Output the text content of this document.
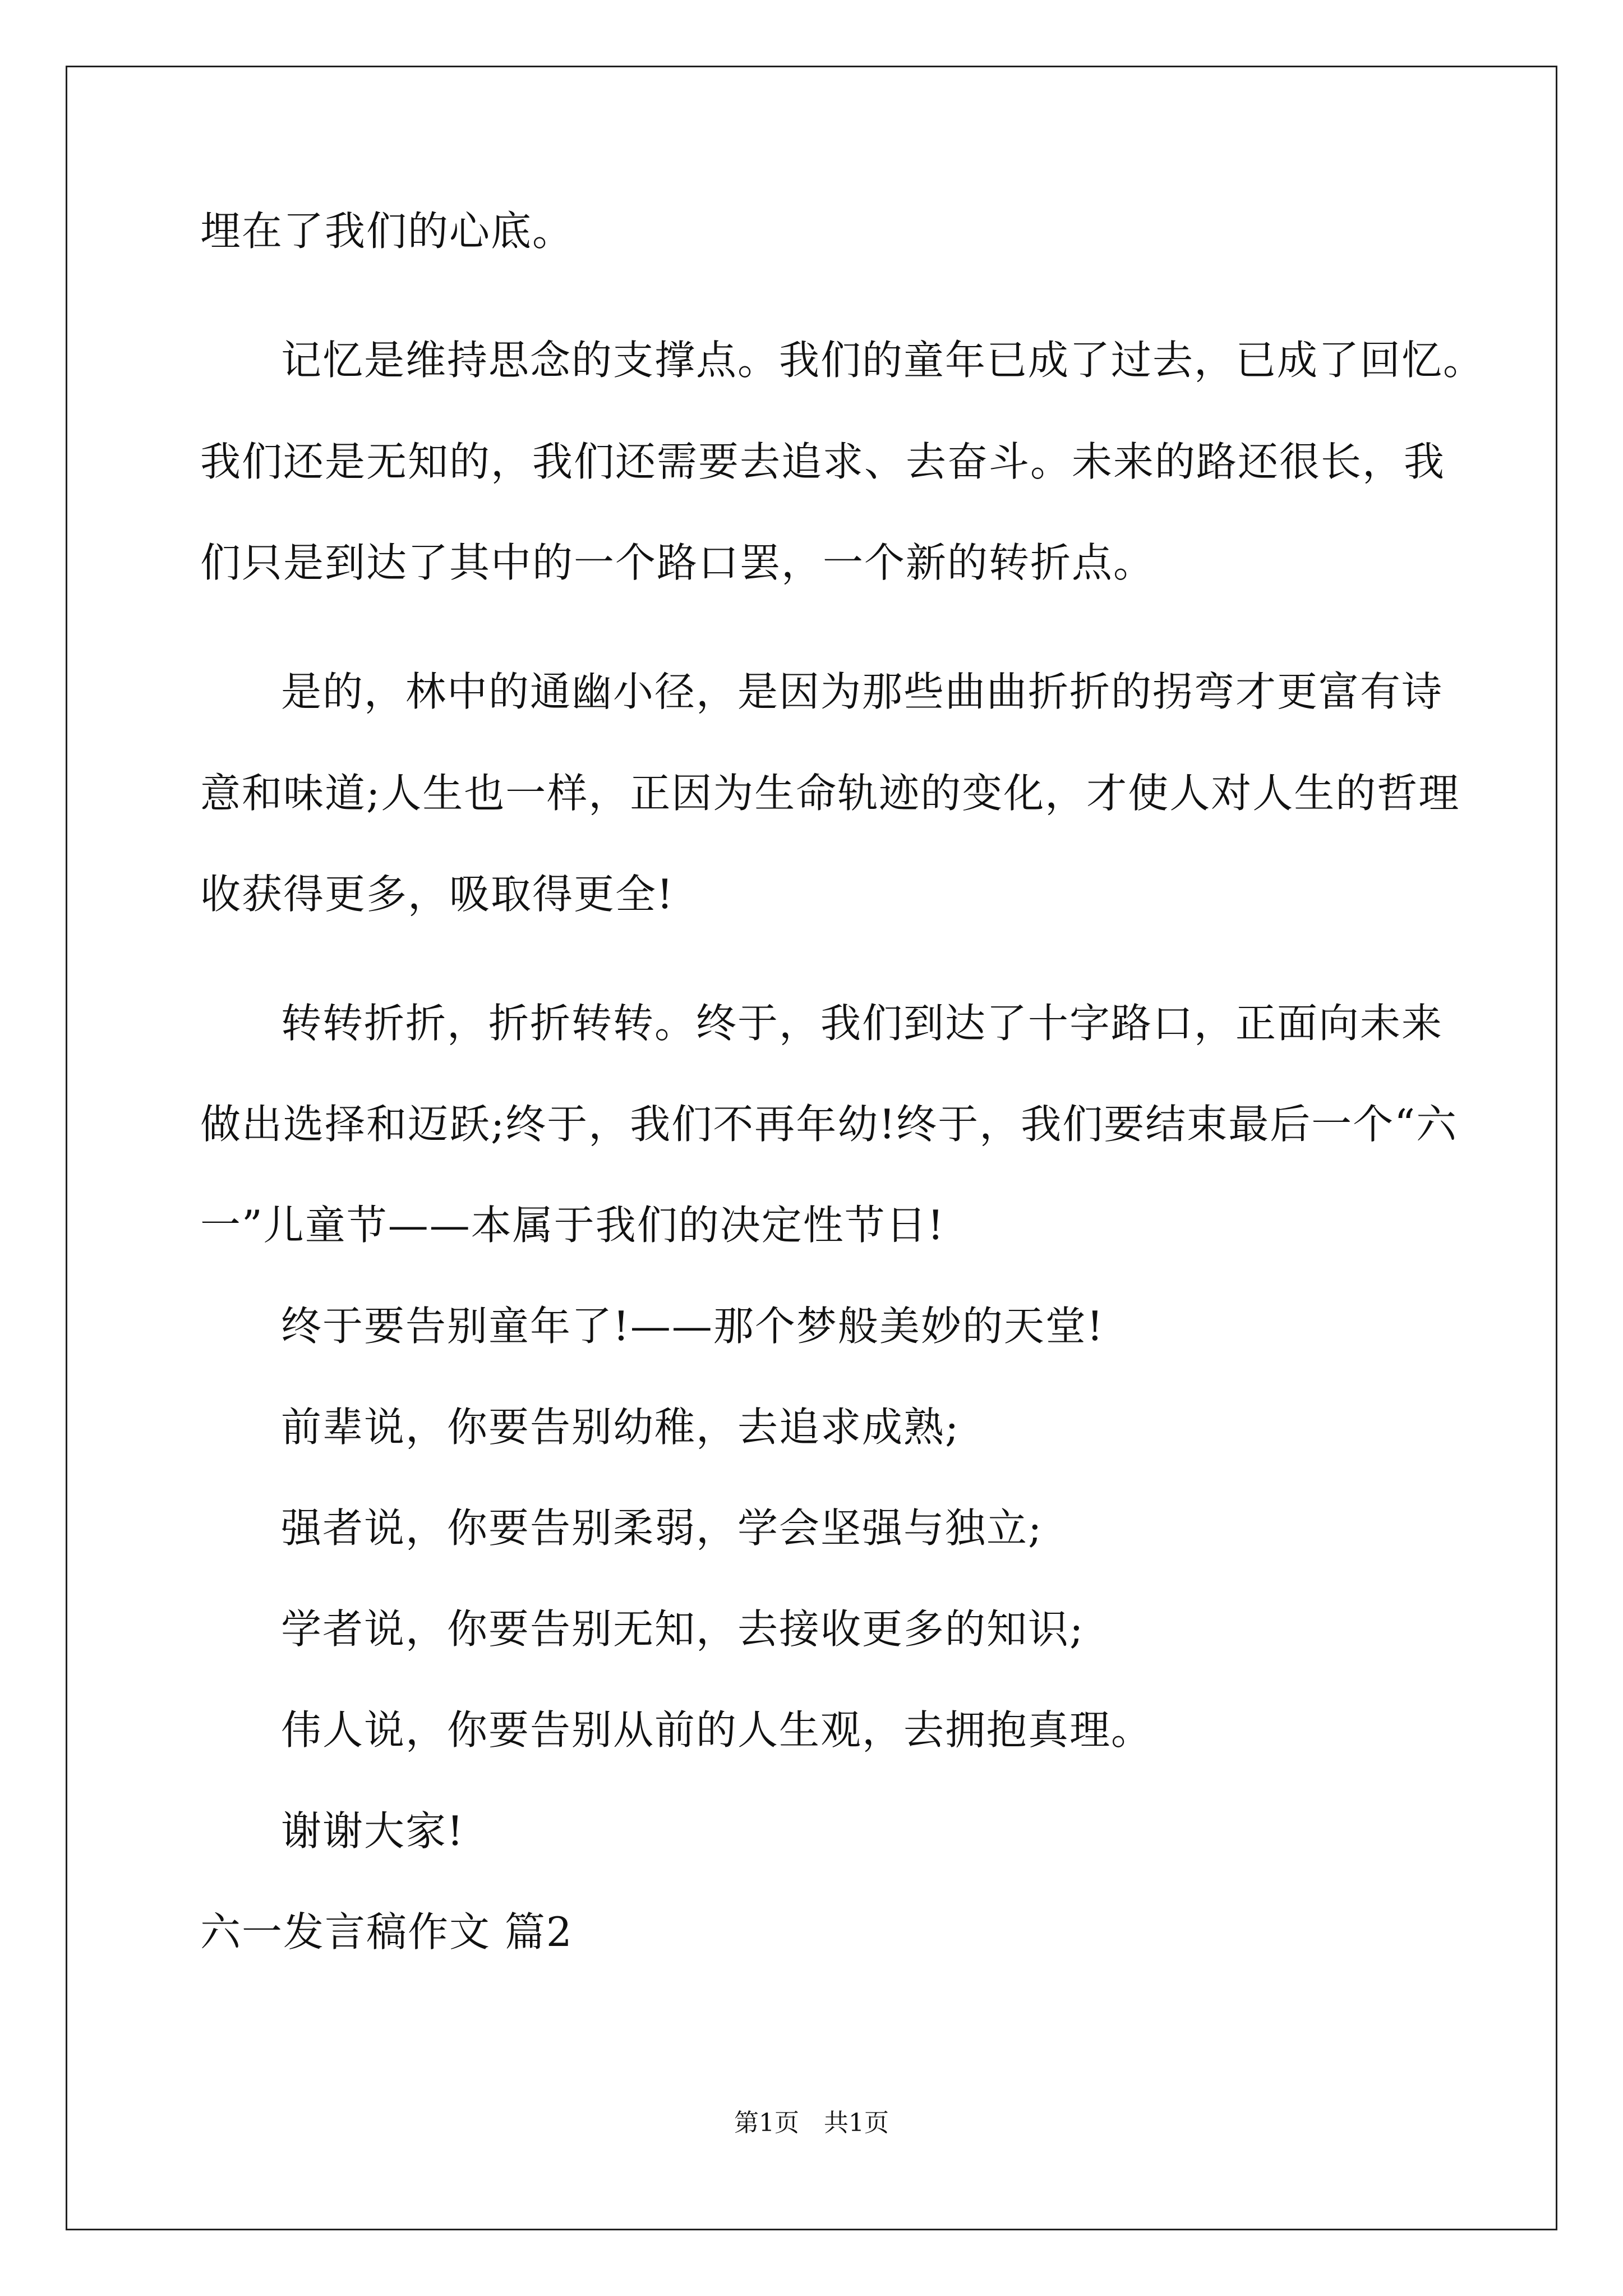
埋在了我们的心底。
记忆是维持思念的支撑点。我们的童年已成了过去，已成了回忆。
我们还是无知的，我们还需要去追求、去奋斗。未来的路还很长，我
们只是到达了其中的一个路口罢，一个新的转折点。
是的，林中的通幽小径，是因为那些曲曲折折的拐弯才更富有诗
意和味道;人生也一样，正因为生命轨迹的变化，才使人对人生的哲理
收获得更多，吸取得更全!
转转折折，折折转转。终于，我们到达了十字路口，正面向未来
做出选择和迈跃;终于，我们不再年幼!终于，我们要结束最后一个“六
一”儿童节——本属于我们的决定性节日!
终于要告别童年了!——那个梦般美妙的天堂!
前辈说，你要告别幼稚，去追求成熟;
强者说，你要告别柔弱，学会坚强与独立;
学者说，你要告别无知，去接收更多的知识;
伟人说，你要告别从前的人生观，去拥抱真理。
谢谢大家!
六一发言稿作文 篇2
第1页　共1页
